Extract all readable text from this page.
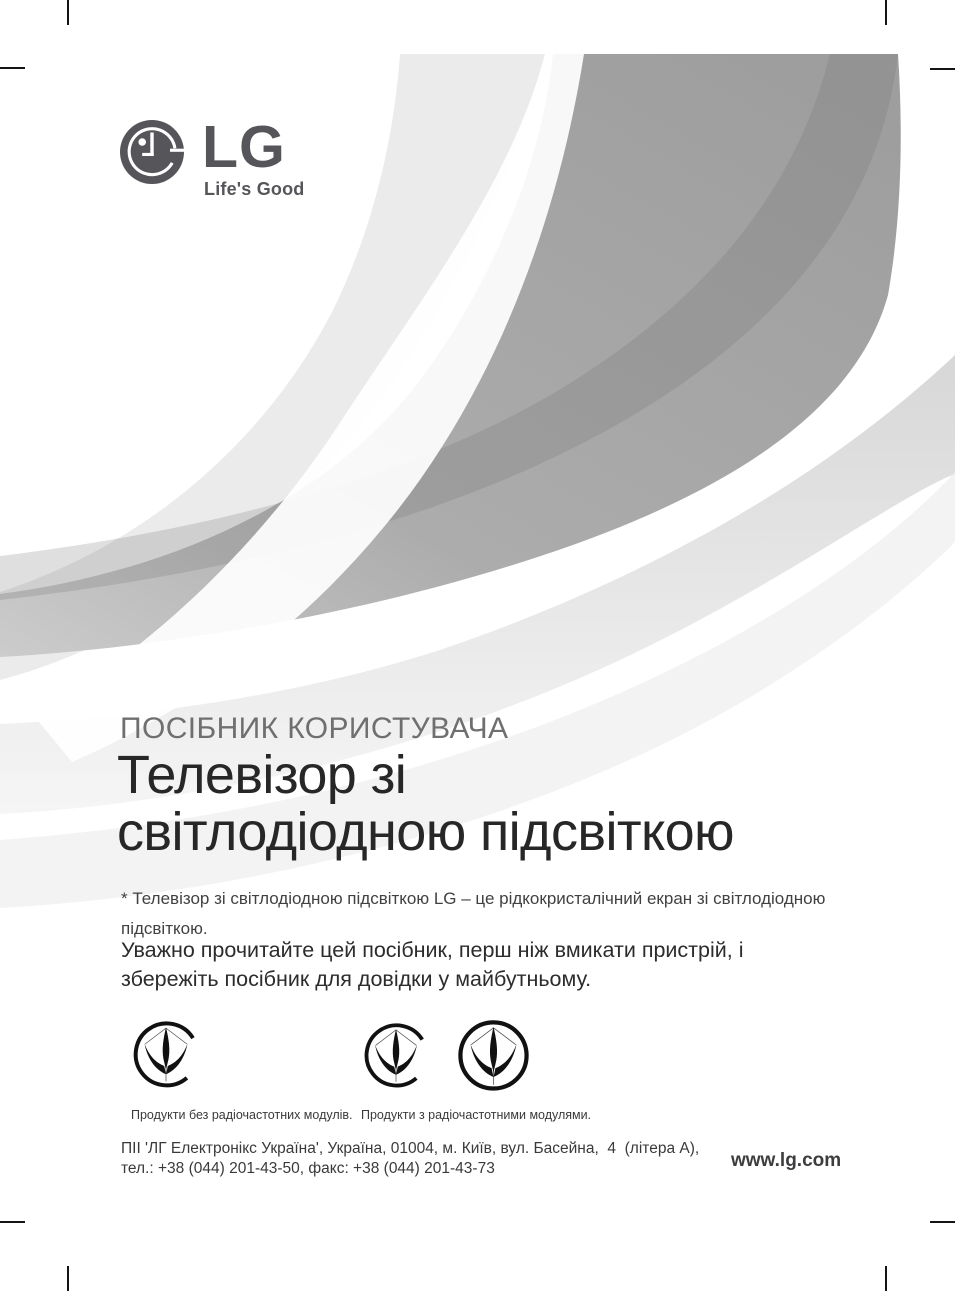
LG
Life's Good
ПОСІБНИК КОРИСТУВАЧА
Телевізор зі
світлодіодною підсвіткою
* Телевізор зі світлодіодною підсвіткою LG – це рідкокристалічний екран зі світлодіодною
підсвіткою.
Уважно прочитайте цей посібник, перш ніж вмикати пристрій, і
збережіть посібник для довідки у майбутньому.
Продукти без радіочастотних модулів. Продукти з радіочастотними модулями.
ПІІ 'ЛГ Електронікс Україна', Україна, 01004, м. Київ, вул. Басейна,  4  (літера А),
тел.: +38 (044) 201-43-50, факс: +38 (044) 201-43-73	www.lg.com
